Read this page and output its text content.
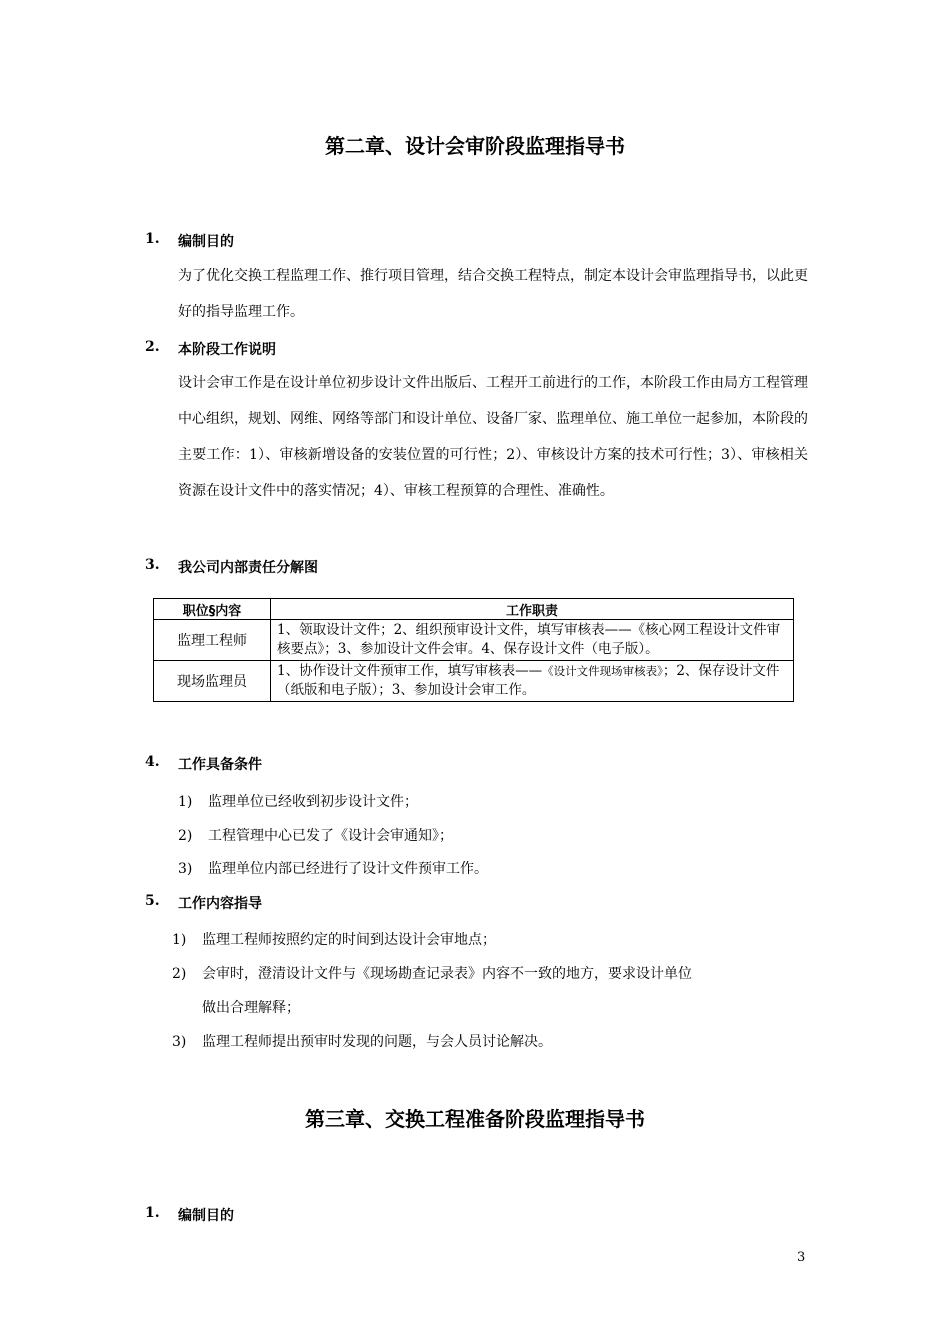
第二章、设计会审阶段监理指导书
1. 编制目的
为了优化交换工程监理工作、推行项目管理，结合交换工程特点，制定本设计会审监理指导书，以此更好的指导监理工作。
2. 本阶段工作说明
设计会审工作是在设计单位初步设计文件出版后、工程开工前进行的工作，本阶段工作由局方工程管理中心组织，规划、网维、网络等部门和设计单位、设备厂家、监理单位、施工单位一起参加，本阶段的主要工作：1）、审核新增设备的安装位置的可行性；2）、审核设计方案的技术可行性；3）、审核相关资源在设计文件中的落实情况；4）、审核工程预算的合理性、准确性。
3. 我公司内部责任分解图
职位§内容	工作职责
监理工程师	1、领取设计文件；2、组织预审设计文件，填写审核表——《核心网工程设计文件审核要点》；3、参加设计文件会审。4、保存设计文件（电子版）。
现场监理员	1、协作设计文件预审工作，填写审核表——《设计文件现场审核表》；2、保存设计文件（纸版和电子版）；3、参加设计会审工作。
4. 工作具备条件
1) 监理单位已经收到初步设计文件；
2) 工程管理中心已发了《设计会审通知》；
3) 监理单位内部已经进行了设计文件预审工作。
5. 工作内容指导
1) 监理工程师按照约定的时间到达设计会审地点；
2) 会审时，澄清设计文件与《现场勘查记录表》内容不一致的地方，要求设计单位
做出合理解释；
3) 监理工程师提出预审时发现的问题，与会人员讨论解决。
第三章、交换工程准备阶段监理指导书
1. 编制目的
3
